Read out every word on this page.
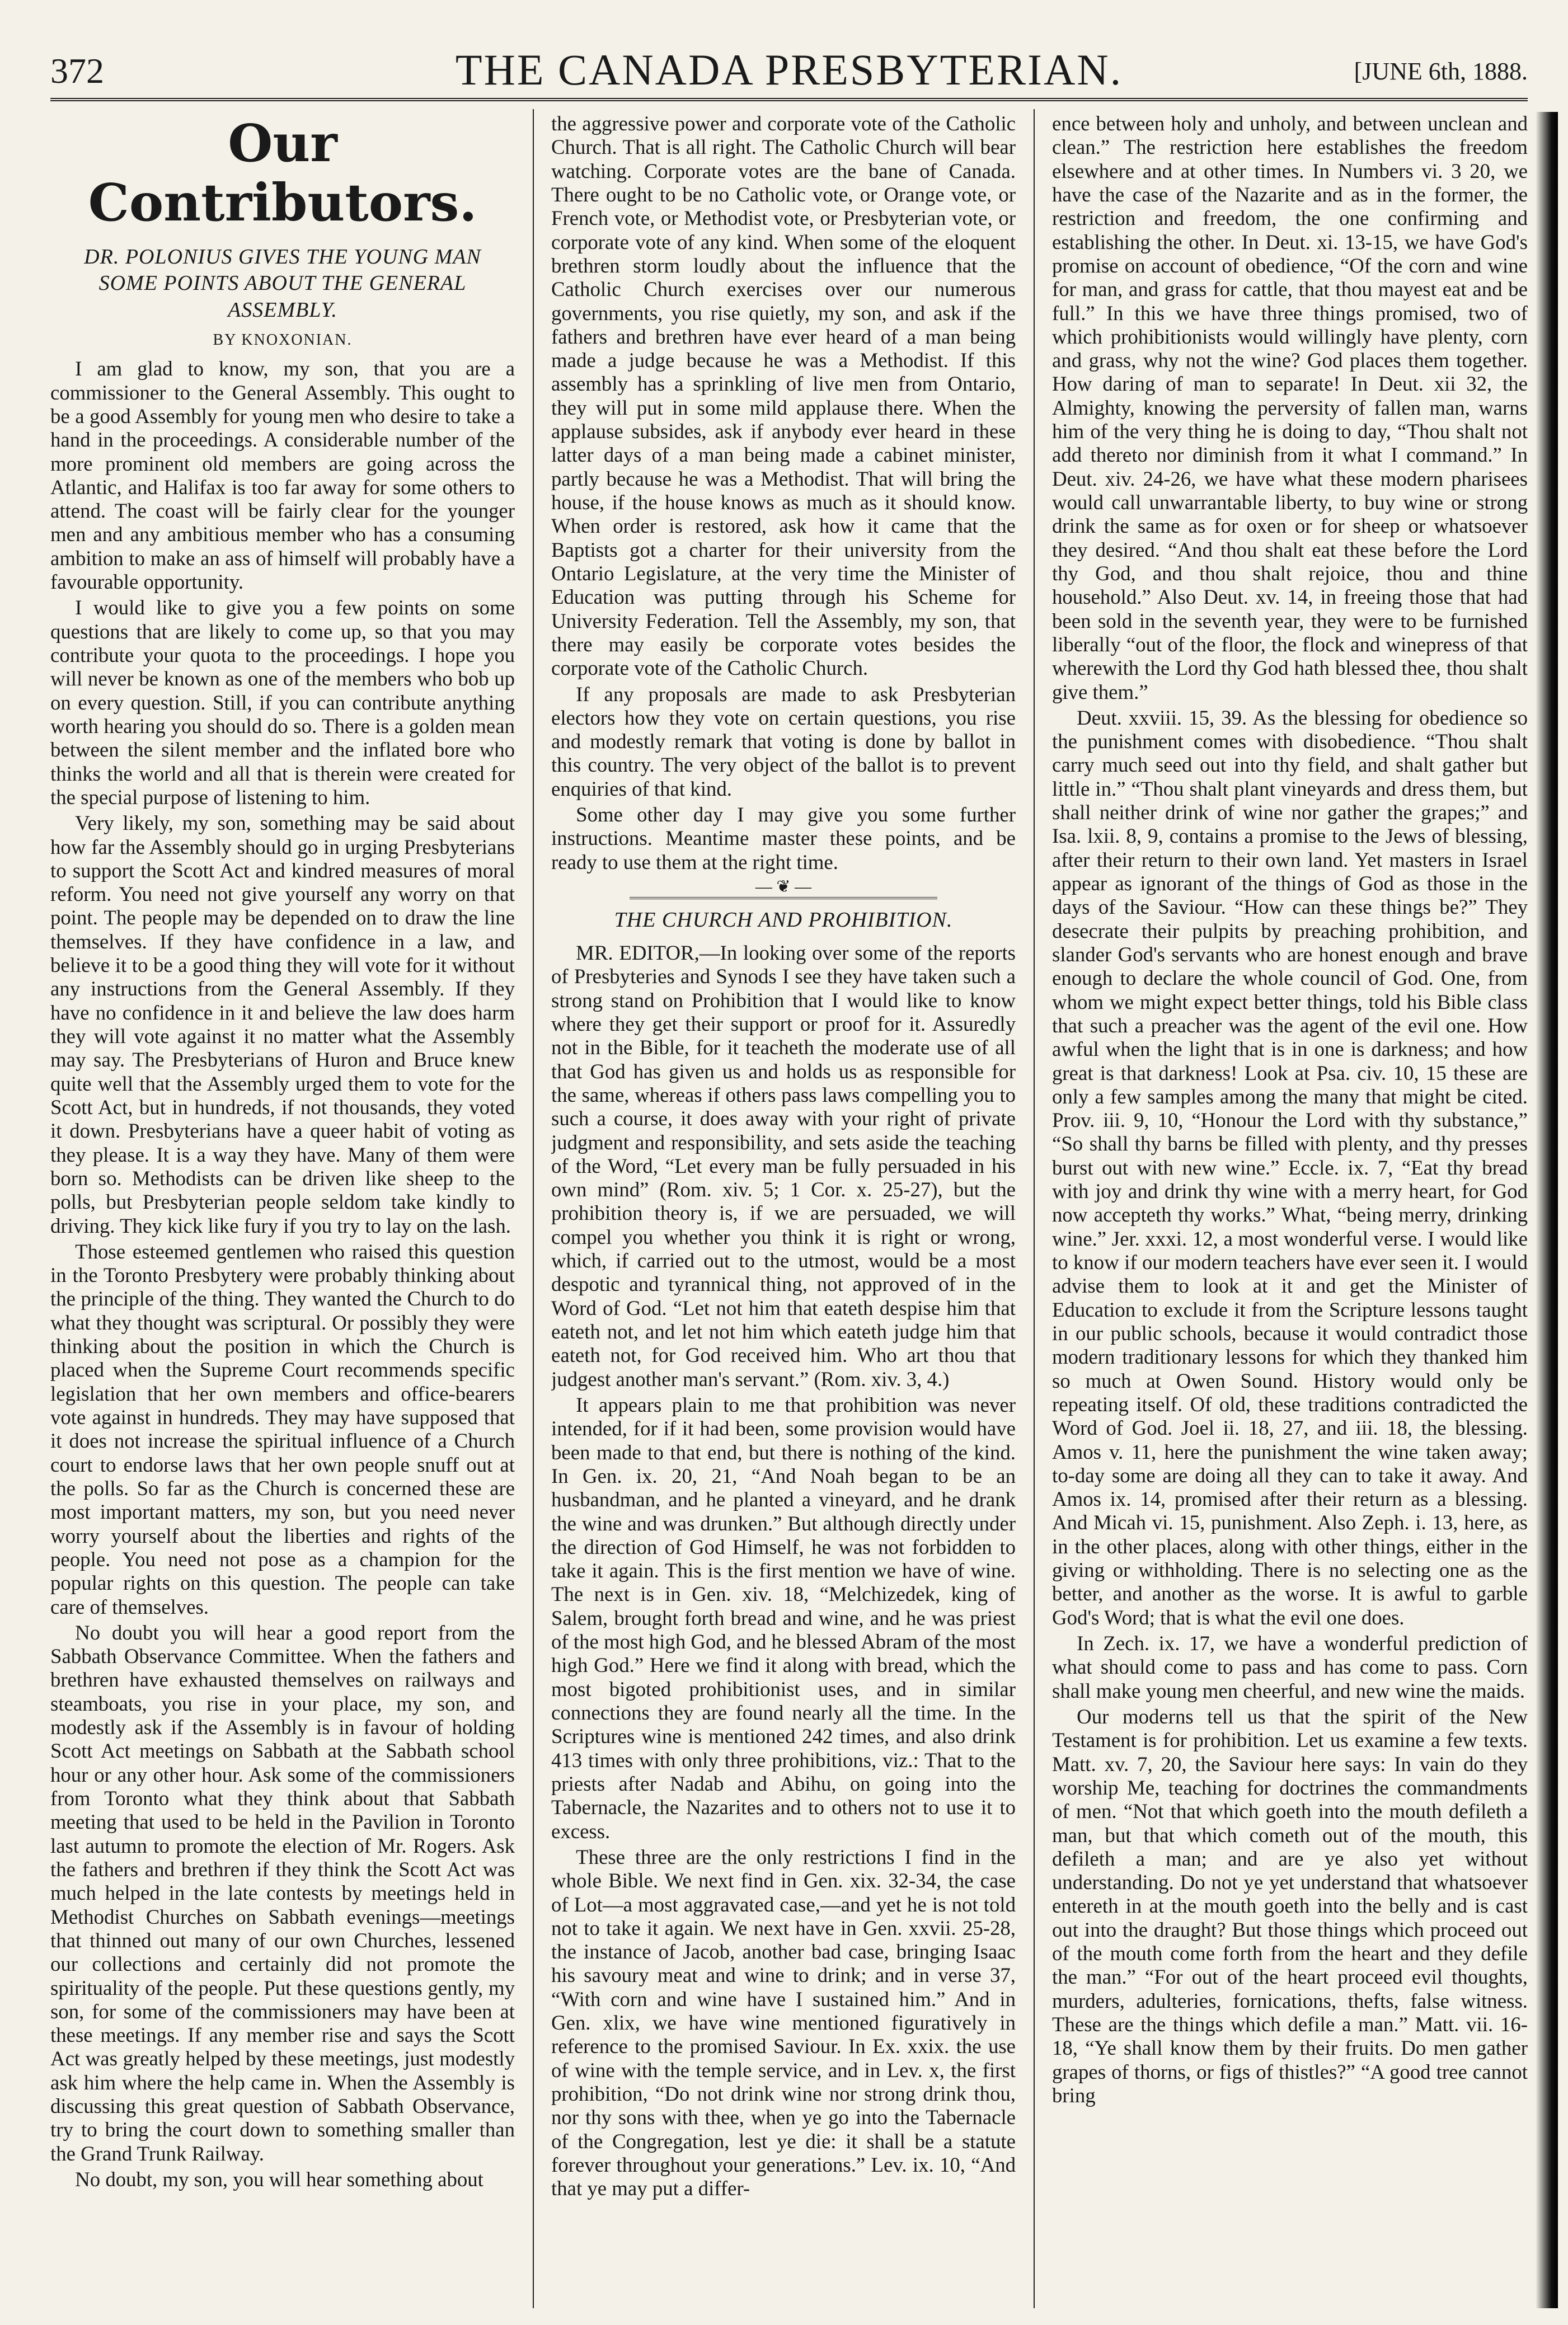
372	THE CANADA PRESBYTERIAN.	[JUNE 6th, 1888.
Our Contributors.
DR. POLONIUS GIVES THE YOUNG MAN SOME POINTS ABOUT THE GENERAL ASSEMBLY.
BY KNOXONIAN.

I am glad to know, my son, that you are a commissioner to the General Assembly. This ought to be a good Assembly for young men who desire to take a hand in the proceedings. A considerable number of the more prominent old members are going across the Atlantic, and Halifax is too far away for some others to attend. The coast will be fairly clear for the younger men and any ambitious member who has a consuming ambition to make an ass of himself will probably have a favourable opportunity.

I would like to give you a few points on some questions that are likely to come up, so that you may contribute your quota to the proceedings. I hope you will never be known as one of the members who bob up on every question. Still, if you can contribute anything worth hearing you should do so. There is a golden mean between the silent member and the inflated bore who thinks the world and all that is therein were created for the special purpose of listening to him.

Very likely, my son, something may be said about how far the Assembly should go in urging Presbyterians to support the Scott Act and kindred measures of moral reform. You need not give yourself any worry on that point. The people may be depended on to draw the line themselves. If they have confidence in a law, and believe it to be a good thing they will vote for it without any instructions from the General Assembly. If they have no confidence in it and believe the law does harm they will vote against it no matter what the Assembly may say. The Presbyterians of Huron and Bruce knew quite well that the Assembly urged them to vote for the Scott Act, but in hundreds, if not thousands, they voted it down. Presbyterians have a queer habit of voting as they please. It is a way they have. Many of them were born so. Methodists can be driven like sheep to the polls, but Presbyterian people seldom take kindly to driving. They kick like fury if you try to lay on the lash.

Those esteemed gentlemen who raised this question in the Toronto Presbytery were probably thinking about the principle of the thing. They wanted the Church to do what they thought was scriptural. Or possibly they were thinking about the position in which the Church is placed when the Supreme Court recommends specific legislation that her own members and office-bearers vote against in hundreds. They may have supposed that it does not increase the spiritual influence of a Church court to endorse laws that her own people snuff out at the polls. So far as the Church is concerned these are most important matters, my son, but you need never worry yourself about the liberties and rights of the people. You need not pose as a champion for the popular rights on this question. The people can take care of themselves.

No doubt you will hear a good report from the Sabbath Observance Committee. When the fathers and brethren have exhausted themselves on railways and steamboats, you rise in your place, my son, and modestly ask if the Assembly is in favour of holding Scott Act meetings on Sabbath at the Sabbath school hour or any other hour. Ask some of the commissioners from Toronto what they think about that Sabbath meeting that used to be held in the Pavilion in Toronto last autumn to promote the election of Mr. Rogers. Ask the fathers and brethren if they think the Scott Act was much helped in the late contests by meetings held in Methodist Churches on Sabbath evenings—meetings that thinned out many of our own Churches, lessened our collections and certainly did not promote the spirituality of the people. Put these questions gently, my son, for some of the commissioners may have been at these meetings. If any member rise and says the Scott Act was greatly helped by these meetings, just modestly ask him where the help came in. When the Assembly is discussing this great question of Sabbath Observance, try to bring the court down to something smaller than the Grand Trunk Railway.

No doubt, my son, you will hear something about

the aggressive power and corporate vote of the Catholic Church. That is all right. The Catholic Church will bear watching. Corporate votes are the bane of Canada. There ought to be no Catholic vote, or Orange vote, or French vote, or Methodist vote, or Presbyterian vote, or corporate vote of any kind. When some of the eloquent brethren storm loudly about the influence that the Catholic Church exercises over our numerous governments, you rise quietly, my son, and ask if the fathers and brethren have ever heard of a man being made a judge because he was a Methodist. If this assembly has a sprinkling of live men from Ontario, they will put in some mild applause there. When the applause subsides, ask if anybody ever heard in these latter days of a man being made a cabinet minister, partly because he was a Methodist. That will bring the house, if the house knows as much as it should know. When order is restored, ask how it came that the Baptists got a charter for their university from the Ontario Legislature, at the very time the Minister of Education was putting through his Scheme for University Federation. Tell the Assembly, my son, that there may easily be corporate votes besides the corporate vote of the Catholic Church.

If any proposals are made to ask Presbyterian electors how they vote on certain questions, you rise and modestly remark that voting is done by ballot in this country. The very object of the ballot is to prevent enquiries of that kind.

Some other day I may give you some further instructions. Meantime master these points, and be ready to use them at the right time.

— ❦ —
THE CHURCH AND PROHIBITION.

MR. EDITOR,—In looking over some of the reports of Presbyteries and Synods I see they have taken such a strong stand on Prohibition that I would like to know where they get their support or proof for it. Assuredly not in the Bible, for it teacheth the moderate use of all that God has given us and holds us as responsible for the same, whereas if others pass laws compelling you to such a course, it does away with your right of private judgment and responsibility, and sets aside the teaching of the Word, “Let every man be fully persuaded in his own mind” (Rom. xiv. 5; 1 Cor. x. 25-27), but the prohibition theory is, if we are persuaded, we will compel you whether you think it is right or wrong, which, if carried out to the utmost, would be a most despotic and tyrannical thing, not approved of in the Word of God. “Let not him that eateth despise him that eateth not, and let not him which eateth judge him that eateth not, for God received him. Who art thou that judgest another man's servant.” (Rom. xiv. 3, 4.)

It appears plain to me that prohibition was never intended, for if it had been, some provision would have been made to that end, but there is nothing of the kind. In Gen. ix. 20, 21, “And Noah began to be an husbandman, and he planted a vineyard, and he drank the wine and was drunken.” But although directly under the direction of God Himself, he was not forbidden to take it again. This is the first mention we have of wine. The next is in Gen. xiv. 18, “Melchizedek, king of Salem, brought forth bread and wine, and he was priest of the most high God, and he blessed Abram of the most high God.” Here we find it along with bread, which the most bigoted prohibitionist uses, and in similar connections they are found nearly all the time. In the Scriptures wine is mentioned 242 times, and also drink 413 times with only three prohibitions, viz.: That to the priests after Nadab and Abihu, on going into the Tabernacle, the Nazarites and to others not to use it to excess.

These three are the only restrictions I find in the whole Bible. We next find in Gen. xix. 32-34, the case of Lot—a most aggravated case,—and yet he is not told not to take it again. We next have in Gen. xxvii. 25-28, the instance of Jacob, another bad case, bringing Isaac his savoury meat and wine to drink; and in verse 37, “With corn and wine have I sustained him.” And in Gen. xlix, we have wine mentioned figuratively in reference to the promised Saviour. In Ex. xxix. the use of wine with the temple service, and in Lev. x, the first prohibition, “Do not drink wine nor strong drink thou, nor thy sons with thee, when ye go into the Tabernacle of the Congregation, lest ye die: it shall be a statute forever throughout your generations.” Lev. ix. 10, “And that ye may put a differ-

ence between holy and unholy, and between unclean and clean.” The restriction here establishes the freedom elsewhere and at other times. In Numbers vi. 3 20, we have the case of the Nazarite and as in the former, the restriction and freedom, the one confirming and establishing the other. In Deut. xi. 13-15, we have God's promise on account of obedience, “Of the corn and wine for man, and grass for cattle, that thou mayest eat and be full.” In this we have three things promised, two of which prohibitionists would willingly have plenty, corn and grass, why not the wine? God places them together. How daring of man to separate! In Deut. xii 32, the Almighty, knowing the perversity of fallen man, warns him of the very thing he is doing to day, “Thou shalt not add thereto nor diminish from it what I command.” In Deut. xiv. 24-26, we have what these modern pharisees would call unwarrantable liberty, to buy wine or strong drink the same as for oxen or for sheep or whatsoever they desired. “And thou shalt eat these before the Lord thy God, and thou shalt rejoice, thou and thine household.” Also Deut. xv. 14, in freeing those that had been sold in the seventh year, they were to be furnished liberally “out of the floor, the flock and winepress of that wherewith the Lord thy God hath blessed thee, thou shalt give them.”

Deut. xxviii. 15, 39. As the blessing for obedience so the punishment comes with disobedience. “Thou shalt carry much seed out into thy field, and shalt gather but little in.” “Thou shalt plant vineyards and dress them, but shall neither drink of wine nor gather the grapes;” and Isa. lxii. 8, 9, contains a promise to the Jews of blessing, after their return to their own land. Yet masters in Israel appear as ignorant of the things of God as those in the days of the Saviour. “How can these things be?” They desecrate their pulpits by preaching prohibition, and slander God's servants who are honest enough and brave enough to declare the whole council of God. One, from whom we might expect better things, told his Bible class that such a preacher was the agent of the evil one. How awful when the light that is in one is darkness; and how great is that darkness! Look at Psa. civ. 10, 15 these are only a few samples among the many that might be cited. Prov. iii. 9, 10, “Honour the Lord with thy substance,” “So shall thy barns be filled with plenty, and thy presses burst out with new wine.” Eccle. ix. 7, “Eat thy bread with joy and drink thy wine with a merry heart, for God now accepteth thy works.” What, “being merry, drinking wine.” Jer. xxxi. 12, a most wonderful verse. I would like to know if our modern teachers have ever seen it. I would advise them to look at it and get the Minister of Education to exclude it from the Scripture lessons taught in our public schools, because it would contradict those modern traditionary lessons for which they thanked him so much at Owen Sound. History would only be repeating itself. Of old, these traditions contradicted the Word of God. Joel ii. 18, 27, and iii. 18, the blessing. Amos v. 11, here the punishment the wine taken away; to-day some are doing all they can to take it away. And Amos ix. 14, promised after their return as a blessing. And Micah vi. 15, punishment. Also Zeph. i. 13, here, as in the other places, along with other things, either in the giving or withholding. There is no selecting one as the better, and another as the worse. It is awful to garble God's Word; that is what the evil one does.

In Zech. ix. 17, we have a wonderful prediction of what should come to pass and has come to pass. Corn shall make young men cheerful, and new wine the maids.

Our moderns tell us that the spirit of the New Testament is for prohibition. Let us examine a few texts. Matt. xv. 7, 20, the Saviour here says: In vain do they worship Me, teaching for doctrines the commandments of men. “Not that which goeth into the mouth defileth a man, but that which cometh out of the mouth, this defileth a man; and are ye also yet without understanding. Do not ye yet understand that whatsoever entereth in at the mouth goeth into the belly and is cast out into the draught? But those things which proceed out of the mouth come forth from the heart and they defile the man.” “For out of the heart proceed evil thoughts, murders, adulteries, fornications, thefts, false witness. These are the things which defile a man.” Matt. vii. 16-18, “Ye shall know them by their fruits. Do men gather grapes of thorns, or figs of thistles?” “A good tree cannot bring
